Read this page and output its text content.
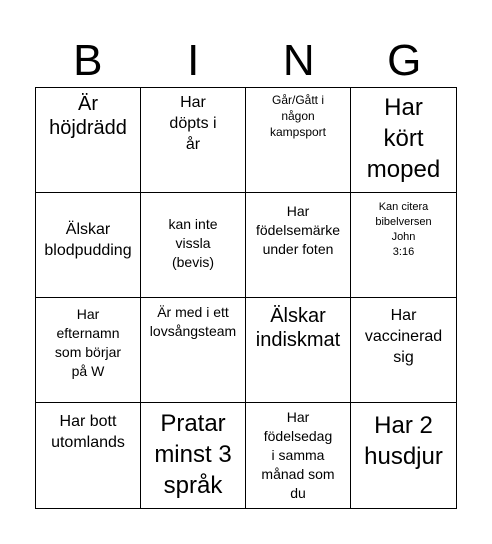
B	I	N	G
Är
höjdrädd
Har
döpts i
år
Går/Gått i
någon
kampsport
Har
kört
moped
Älskar
blodpudding
kan inte
vissla
(bevis)
Har
födelsemärke
under foten
Kan citera
bibelversen
John
3:16
Har
efternamn
som börjar
på W
Är med i ett
lovsångsteam
Älskar
indiskmat
Har
vaccinerad
sig
Har bott
utomlands
Pratar
minst 3
språk
Har
födelsedag
i samma
månad som
du
Har 2
husdjur
